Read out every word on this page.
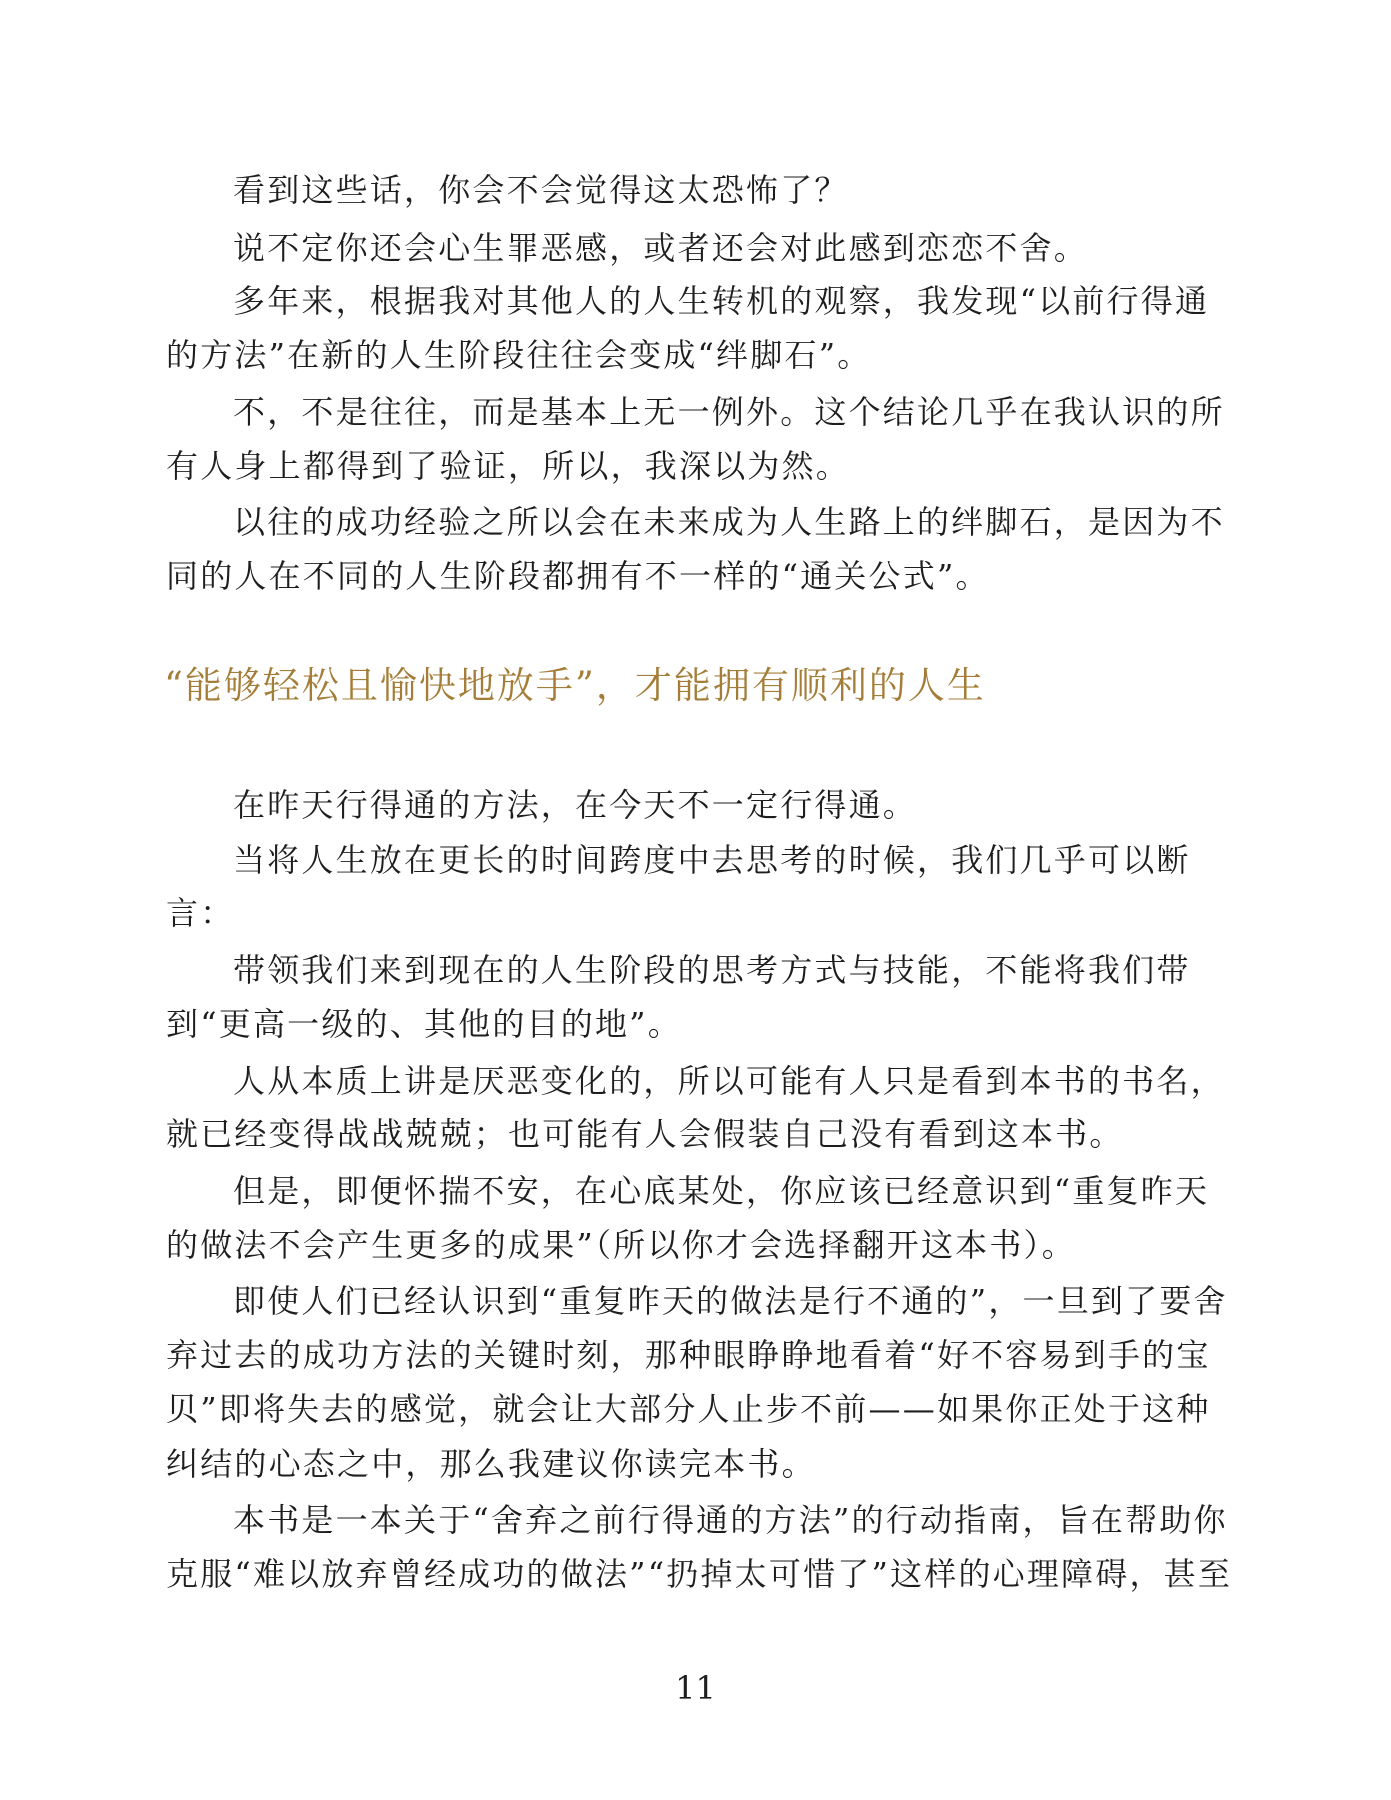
看到这些话，你会不会觉得这太恐怖了？
说不定你还会心生罪恶感，或者还会对此感到恋恋不舍。
多年来，根据我对其他人的人生转机的观察，我发现“以前行得通
的方法”在新的人生阶段往往会变成“绊脚石”。
不，不是往往，而是基本上无一例外。这个结论几乎在我认识的所
有人身上都得到了验证，所以，我深以为然。
以往的成功经验之所以会在未来成为人生路上的绊脚石，是因为不
同的人在不同的人生阶段都拥有不一样的“通关公式”。
“能够轻松且愉快地放手”，才能拥有顺利的人生
在昨天行得通的方法，在今天不一定行得通。
当将人生放在更长的时间跨度中去思考的时候，我们几乎可以断
言：
带领我们来到现在的人生阶段的思考方式与技能，不能将我们带
到“更高一级的、其他的目的地”。
人从本质上讲是厌恶变化的，所以可能有人只是看到本书的书名，
就已经变得战战兢兢；也可能有人会假装自己没有看到这本书。
但是，即便怀揣不安，在心底某处，你应该已经意识到“重复昨天
的做法不会产生更多的成果”（所以你才会选择翻开这本书）。
即使人们已经认识到“重复昨天的做法是行不通的”，一旦到了要舍
弃过去的成功方法的关键时刻，那种眼睁睁地看着“好不容易到手的宝
贝”即将失去的感觉，就会让大部分人止步不前——如果你正处于这种
纠结的心态之中，那么我建议你读完本书。
本书是一本关于“舍弃之前行得通的方法”的行动指南，旨在帮助你
克服“难以放弃曾经成功的做法”“扔掉太可惜了”这样的心理障碍，甚至
11
